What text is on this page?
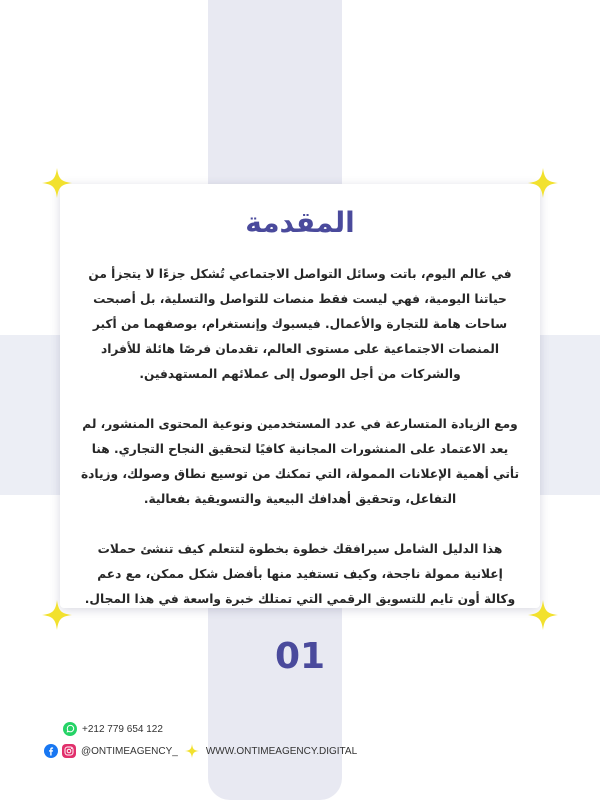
المقدمة

في عالم اليوم، باتت وسائل التواصل الاجتماعي تُشكل جزءًا لا يتجزأ من حياتنا اليومية، فهي ليست فقط منصات للتواصل والتسلية، بل أصبحت ساحات هامة للتجارة والأعمال. فيسبوك وإنستغرام، بوصفهما من أكبر المنصات الاجتماعية على مستوى العالم، تقدمان فرصًا هائلة للأفراد والشركات من أجل الوصول إلى عملائهم المستهدفين.

ومع الزيادة المتسارعة في عدد المستخدمين ونوعية المحتوى المنشور، لم يعد الاعتماد على المنشورات المجانية كافيًا لتحقيق النجاح التجاري. هنا تأتي أهمية الإعلانات الممولة، التي تمكنك من توسيع نطاق وصولك، وزيادة التفاعل، وتحقيق أهدافك البيعية والتسويقية بفعالية.

هذا الدليل الشامل سيرافقك خطوة بخطوة لتتعلم كيف تنشئ حملات إعلانية ممولة ناجحة، وكيف تستفيد منها بأفضل شكل ممكن، مع دعم وكالة أون تايم للتسويق الرقمي التي تمتلك خبرة واسعة في هذا المجال.

01
+212 779 654 122
@ONTIMEAGENCY_	WWW.ONTIMEAGENCY.DIGITAL
